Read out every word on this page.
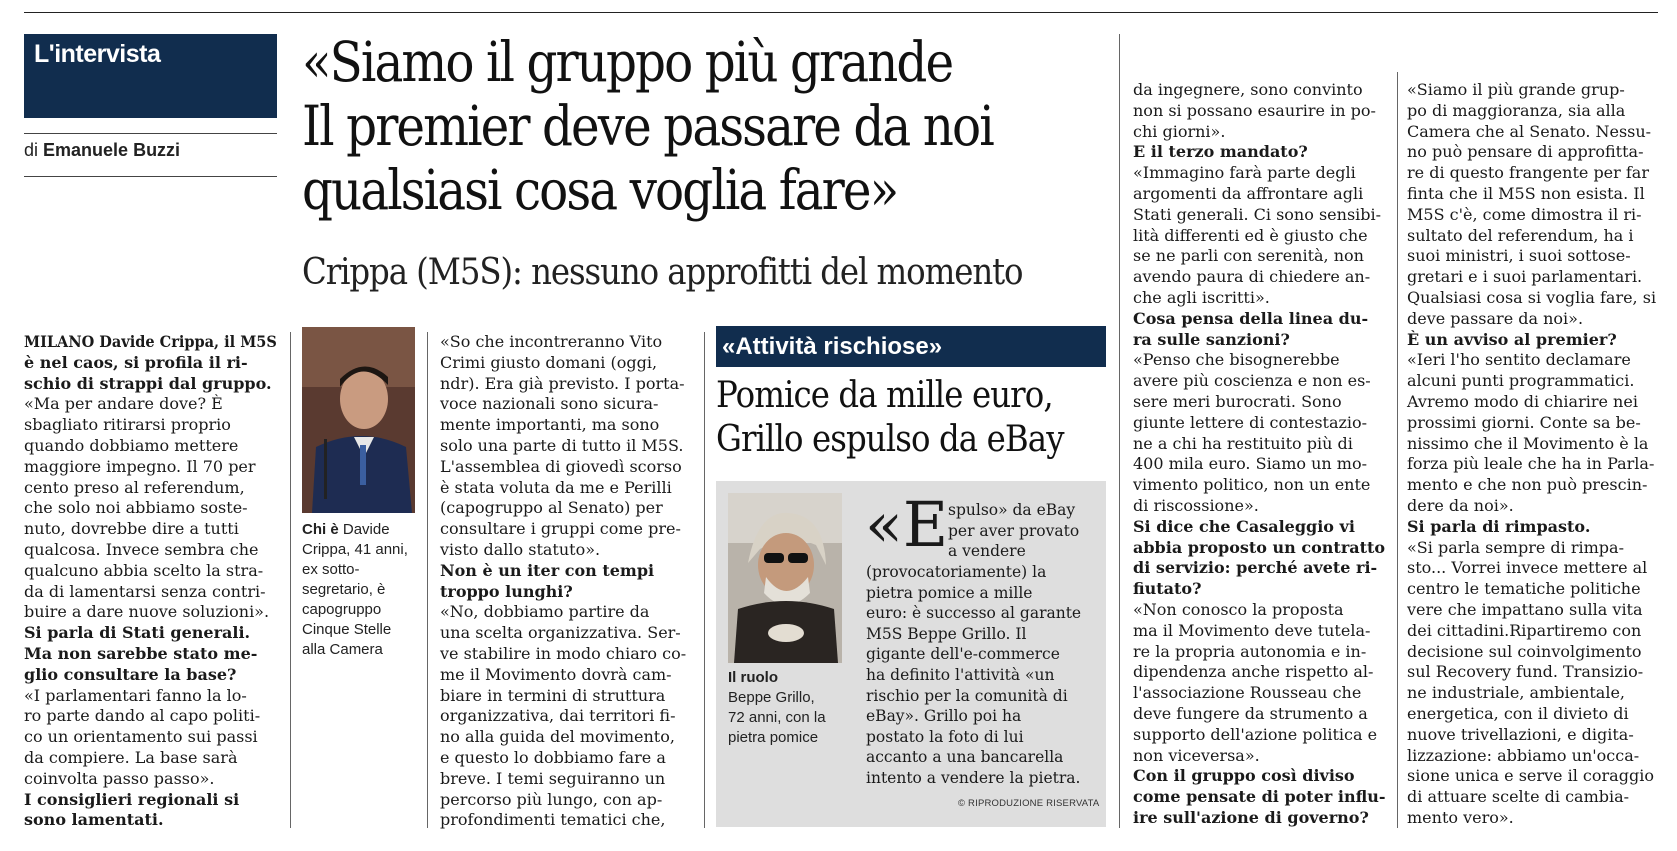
L'intervista
di Emanuele Buzzi
«Siamo il gruppo più grande
Il premier deve passare da noi
qualsiasi cosa voglia fare»
Crippa (M5S): nessuno approfitti del momento
MILANO Davide Crippa, il M5S
è nel caos, si profila il ri-
schio di strappi dal gruppo.
«Ma per andare dove? È
sbagliato ritirarsi proprio
quando dobbiamo mettere
maggiore impegno. Il 70 per
cento preso al referendum,
che solo noi abbiamo soste-
nuto, dovrebbe dire a tutti
qualcosa. Invece sembra che
qualcuno abbia scelto la stra-
da di lamentarsi senza contri-
buire a dare nuove soluzioni».
Si parla di Stati generali.
Ma non sarebbe stato me-
glio consultare la base?
«I parlamentari fanno la lo-
ro parte dando al capo politi-
co un orientamento sui passi
da compiere. La base sarà
coinvolta passo passo».
I consiglieri regionali si
sono lamentati.
Chi è Davide
Crippa, 41 anni,
ex sotto-
segretario, è
capogruppo
Cinque Stelle
alla Camera
«So che incontreranno Vito
Crimi giusto domani (oggi,
ndr). Era già previsto. I porta-
voce nazionali sono sicura-
mente importanti, ma sono
solo una parte di tutto il M5S.
L'assemblea di giovedì scorso
è stata voluta da me e Perilli
(capogruppo al Senato) per
consultare i gruppi come pre-
visto dallo statuto».
Non è un iter con tempi
troppo lunghi?
«No, dobbiamo partire da
una scelta organizzativa. Ser-
ve stabilire in modo chiaro co-
me il Movimento dovrà cam-
biare in termini di struttura
organizzativa, dai territori fi-
no alla guida del movimento,
e questo lo dobbiamo fare a
breve. I temi seguiranno un
percorso più lungo, con ap-
profondimenti tematici che,
«Attività rischiose»
Pomice da mille euro,
Grillo espulso da eBay
Il ruolo
Beppe Grillo,
72 anni, con la
pietra pomice
«E spulso» da eBay
per aver provato
a vendere
(provocatoriamente) la
pietra pomice a mille
euro: è successo al garante
M5S Beppe Grillo. Il
gigante dell'e-commerce
ha definito l'attività «un
rischio per la comunità di
eBay». Grillo poi ha
postato la foto di lui
accanto a una bancarella
intento a vendere la pietra.
© RIPRODUZIONE RISERVATA
da ingegnere, sono convinto
non si possano esaurire in po-
chi giorni».
E il terzo mandato?
«Immagino farà parte degli
argomenti da affrontare agli
Stati generali. Ci sono sensibi-
lità differenti ed è giusto che
se ne parli con serenità, non
avendo paura di chiedere an-
che agli iscritti».
Cosa pensa della linea du-
ra sulle sanzioni?
«Penso che bisognerebbe
avere più coscienza e non es-
sere meri burocrati. Sono
giunte lettere di contestazio-
ne a chi ha restituito più di
400 mila euro. Siamo un mo-
vimento politico, non un ente
di riscossione».
Si dice che Casaleggio vi
abbia proposto un contratto
di servizio: perché avete ri-
fiutato?
«Non conosco la proposta
ma il Movimento deve tutela-
re la propria autonomia e in-
dipendenza anche rispetto al-
l'associazione Rousseau che
deve fungere da strumento a
supporto dell'azione politica e
non viceversa».
Con il gruppo così diviso
come pensate di poter influ-
ire sull'azione di governo?
«Siamo il più grande grup-
po di maggioranza, sia alla
Camera che al Senato. Nessu-
no può pensare di approfitta-
re di questo frangente per far
finta che il M5S non esista. Il
M5S c'è, come dimostra il ri-
sultato del referendum, ha i
suoi ministri, i suoi sottose-
gretari e i suoi parlamentari.
Qualsiasi cosa si voglia fare, si
deve passare da noi».
È un avviso al premier?
«Ieri l'ho sentito declamare
alcuni punti programmatici.
Avremo modo di chiarire nei
prossimi giorni. Conte sa be-
nissimo che il Movimento è la
forza più leale che ha in Parla-
mento e che non può prescin-
dere da noi».
Si parla di rimpasto.
«Si parla sempre di rimpa-
sto... Vorrei invece mettere al
centro le tematiche politiche
vere che impattano sulla vita
dei cittadini.Ripartiremo con
decisione sul coinvolgimento
sul Recovery fund. Transizio-
ne industriale, ambientale,
energetica, con il divieto di
nuove trivellazioni, e digita-
lizzazione: abbiamo un'occa-
sione unica e serve il coraggio
di attuare scelte di cambia-
mento vero».
